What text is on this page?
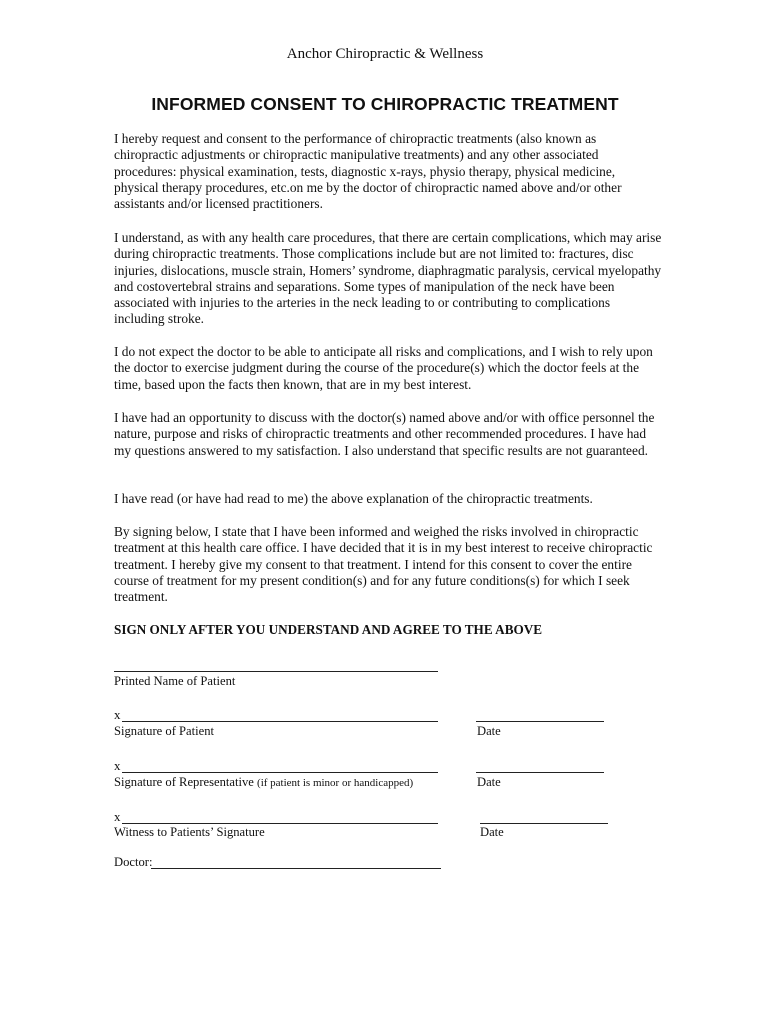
Anchor Chiropractic & Wellness
INFORMED CONSENT TO CHIROPRACTIC TREATMENT

I hereby request and consent to the performance of chiropractic treatments (also known as chiropractic adjustments or chiropractic manipulative treatments) and any other associated procedures: physical examination, tests, diagnostic x-rays, physio therapy, physical medicine, physical therapy procedures, etc.on me by the doctor of chiropractic named above and/or other assistants and/or licensed practitioners.

I understand, as with any health care procedures, that there are certain complications, which may arise during chiropractic treatments. Those complications include but are not limited to: fractures, disc injuries, dislocations, muscle strain, Homers’ syndrome, diaphragmatic paralysis, cervical myelopathy and costovertebral strains and separations. Some types of manipulation of the neck have been associated with injuries to the arteries in the neck leading to or contributing to complications including stroke.

I do not expect the doctor to be able to anticipate all risks and complications, and I wish to rely upon the doctor to exercise judgment during the course of the procedure(s) which the doctor feels at the time, based upon the facts then known, that are in my best interest.

I have had an opportunity to discuss with the doctor(s) named above and/or with office personnel the nature, purpose and risks of chiropractic treatments and other recommended procedures. I have had my questions answered to my satisfaction. I also understand that specific results are not guaranteed.

I have read (or have had read to me) the above explanation of the chiropractic treatments.

By signing below, I state that I have been informed and weighed the risks involved in chiropractic treatment at this health care office. I have decided that it is in my best interest to receive chiropractic treatment. I hereby give my consent to that treatment. I intend for this consent to cover the entire course of treatment for my present condition(s) and for any future conditions(s) for which I seek treatment.

SIGN ONLY AFTER YOU UNDERSTAND AND AGREE TO THE ABOVE
Printed Name of Patient
x
Signature of Patient	Date
x
Signature of Representative (if patient is minor or handicapped)	Date
x
Witness to Patients’ Signature	Date
Doctor:
